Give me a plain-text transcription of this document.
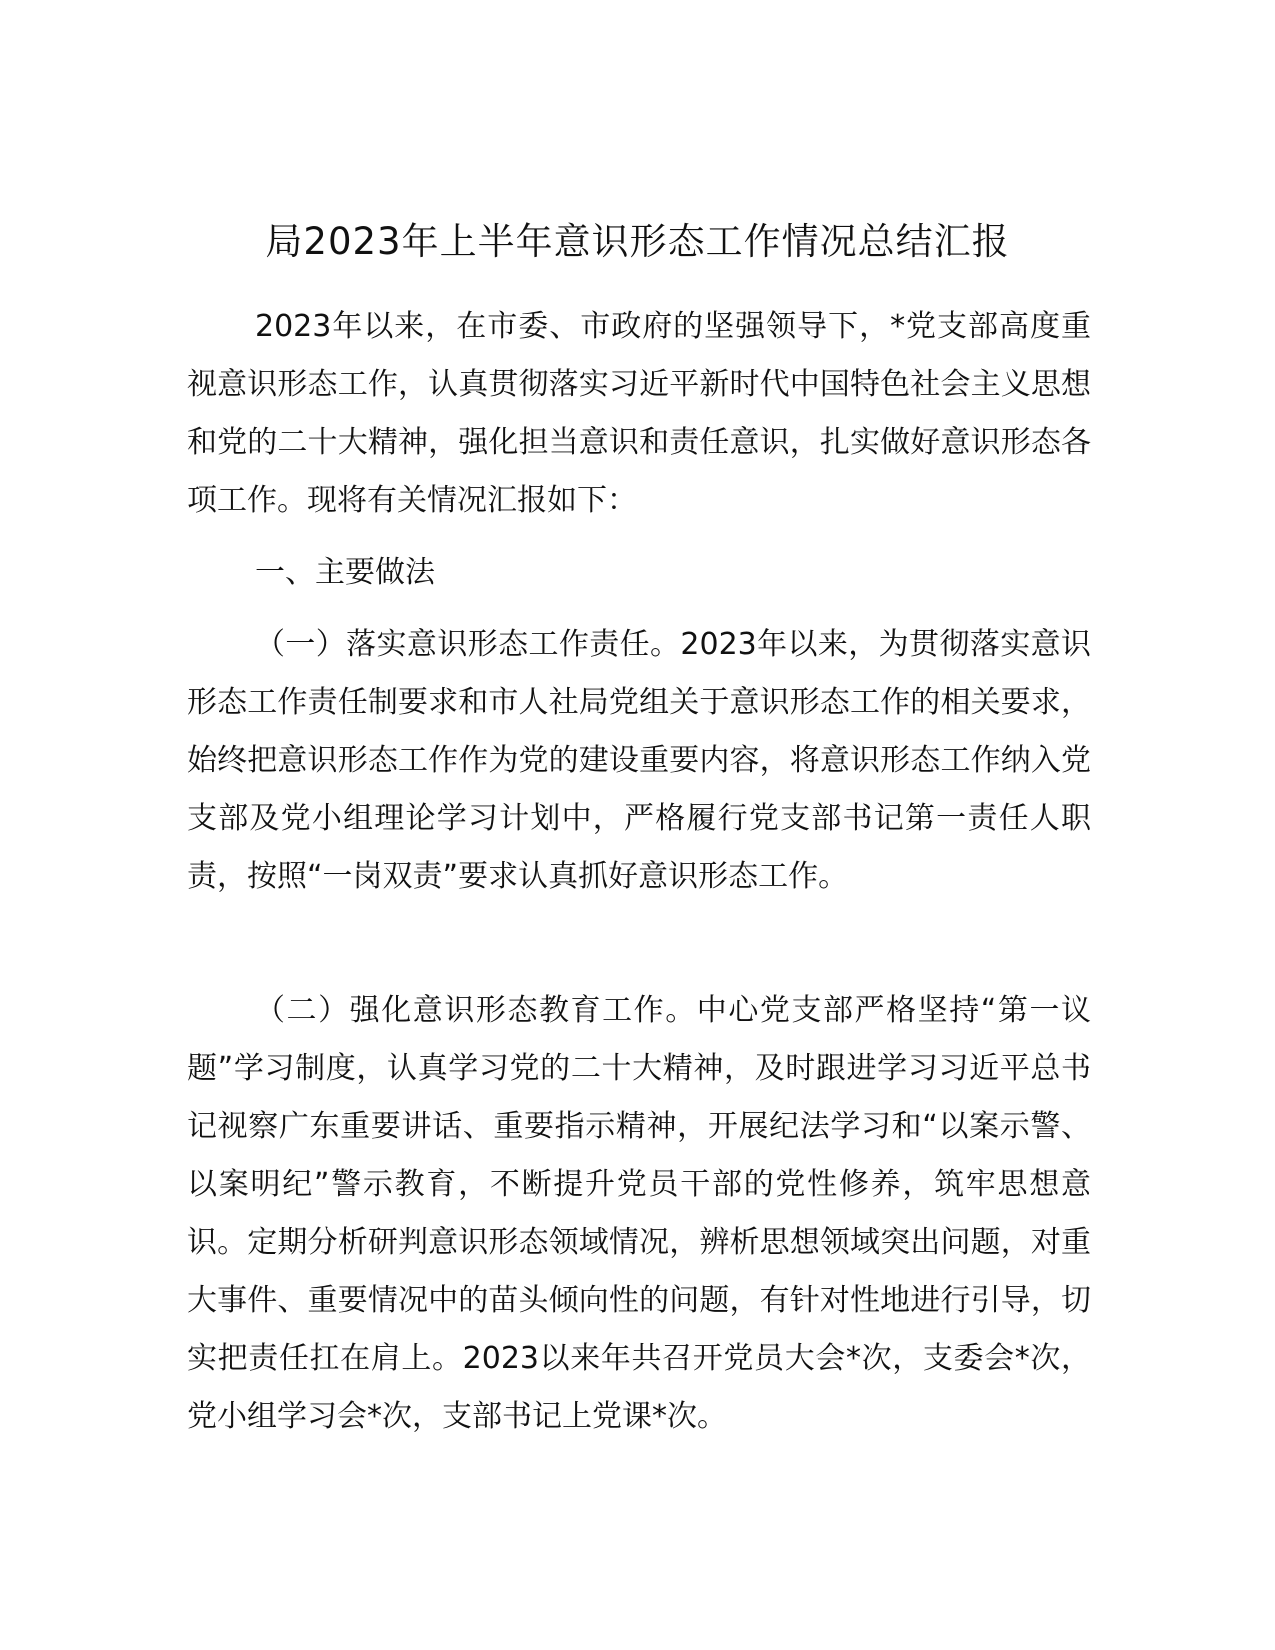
局2023年上半年意识形态工作情况总结汇报

2023年以来，在市委、市政府的坚强领导下，*党支部高度重视意识形态工作，认真贯彻落实习近平新时代中国特色社会主义思想和党的二十大精神，强化担当意识和责任意识，扎实做好意识形态各项工作。现将有关情况汇报如下：

一、主要做法

（一）落实意识形态工作责任。2023年以来，为贯彻落实意识形态工作责任制要求和市人社局党组关于意识形态工作的相关要求，始终把意识形态工作作为党的建设重要内容，将意识形态工作纳入党支部及党小组理论学习计划中，严格履行党支部书记第一责任人职责，按照“一岗双责”要求认真抓好意识形态工作。

（二）强化意识形态教育工作。中心党支部严格坚持“第一议题”学习制度，认真学习党的二十大精神，及时跟进学习习近平总书记视察广东重要讲话、重要指示精神，开展纪法学习和“以案示警、以案明纪”警示教育，不断提升党员干部的党性修养，筑牢思想意识。定期分析研判意识形态领域情况，辨析思想领域突出问题，对重大事件、重要情况中的苗头倾向性的问题，有针对性地进行引导，切实把责任扛在肩上。2023以来年共召开党员大会*次，支委会*次，党小组学习会*次，支部书记上党课*次。
